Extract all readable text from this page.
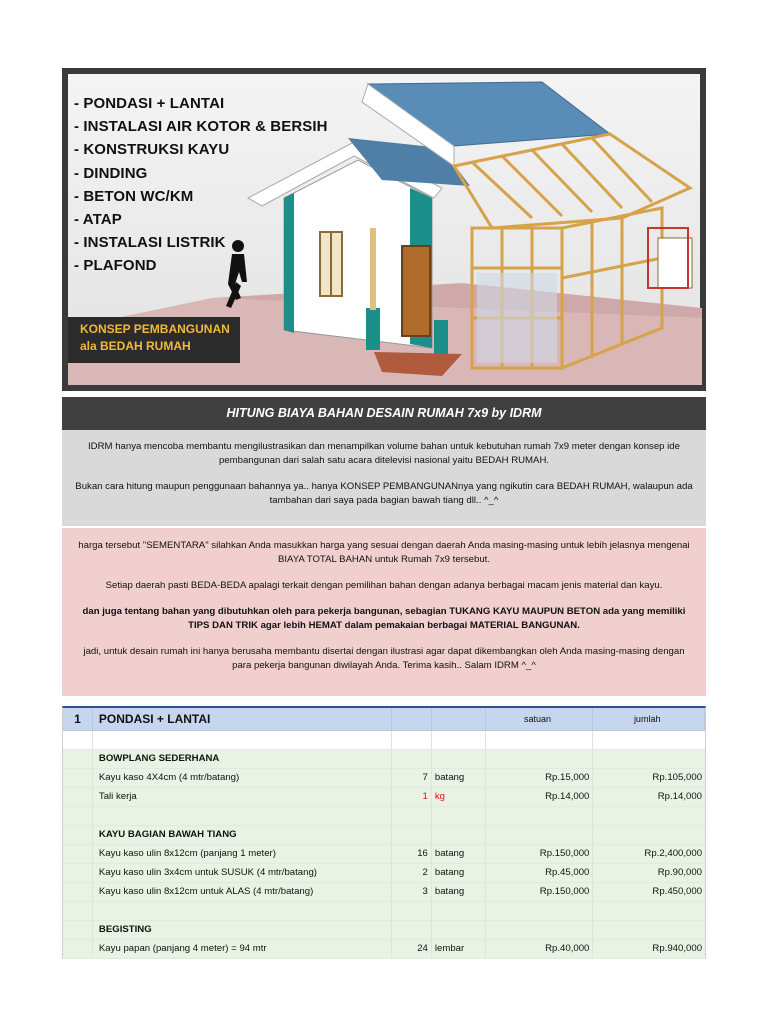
- PONDASI + LANTAI
- INSTALASI AIR KOTOR & BERSIH
- KONSTRUKSI KAYU
- DINDING
- BETON WC/KM
- ATAP
- INSTALASI LISTRIK
- PLAFOND
KONSEP PEMBANGUNAN
ala BEDAH RUMAH
HITUNG BIAYA BAHAN DESAIN RUMAH 7x9 by IDRM

IDRM hanya mencoba membantu mengilustrasikan dan menampilkan volume bahan untuk kebutuhan rumah 7x9 meter dengan konsep ide pembangunan dari salah satu acara ditelevisi nasional yaitu BEDAH RUMAH.

Bukan cara hitung maupun penggunaan bahannya ya.. hanya KONSEP PEMBANGUNANnya yang ngikutin cara BEDAH RUMAH, walaupun ada tambahan dari saya pada bagian bawah tiang dll.. ^_^

harga tersebut "SEMENTARA" silahkan Anda masukkan harga yang sesuai dengan daerah Anda masing-masing untuk lebih jelasnya mengenai BIAYA TOTAL BAHAN untuk Rumah 7x9 tersebut.

Setiap daerah pasti BEDA-BEDA apalagi terkait dengan pemilihan bahan dengan adanya berbagai macam jenis material dan kayu.

dan juga tentang bahan yang dibutuhkan oleh para pekerja bangunan, sebagian TUKANG KAYU MAUPUN BETON ada yang memiliki TIPS DAN TRIK agar lebih HEMAT dalam pemakaian berbagai MATERIAL BANGUNAN.

jadi, untuk desain rumah ini hanya berusaha membantu disertai dengan ilustrasi agar dapat dikembangkan oleh Anda masing-masing dengan para pekerja bangunan diwilayah Anda. Terima kasih.. Salam IDRM ^_^

1	PONDASI + LANTAI	satuan	jumlah
BOWPLANG SEDERHANA
Kayu kaso 4X4cm (4 mtr/batang)	7 batang	Rp.15,000	Rp.105,000
Tali kerja	1 kg	Rp.14,000	Rp.14,000
KAYU BAGIAN BAWAH TIANG
Kayu kaso ulin 8x12cm (panjang 1 meter)	16 batang	Rp.150,000	Rp.2,400,000
Kayu kaso ulin 3x4cm untuk SUSUK (4 mtr/batang)	2 batang	Rp.45,000	Rp.90,000
Kayu kaso ulin 8x12cm untuk ALAS (4 mtr/batang)	3 batang	Rp.150,000	Rp.450,000
BEGISTING
Kayu papan (panjang 4 meter) = 94 mtr	24 lembar	Rp.40,000	Rp.940,000
